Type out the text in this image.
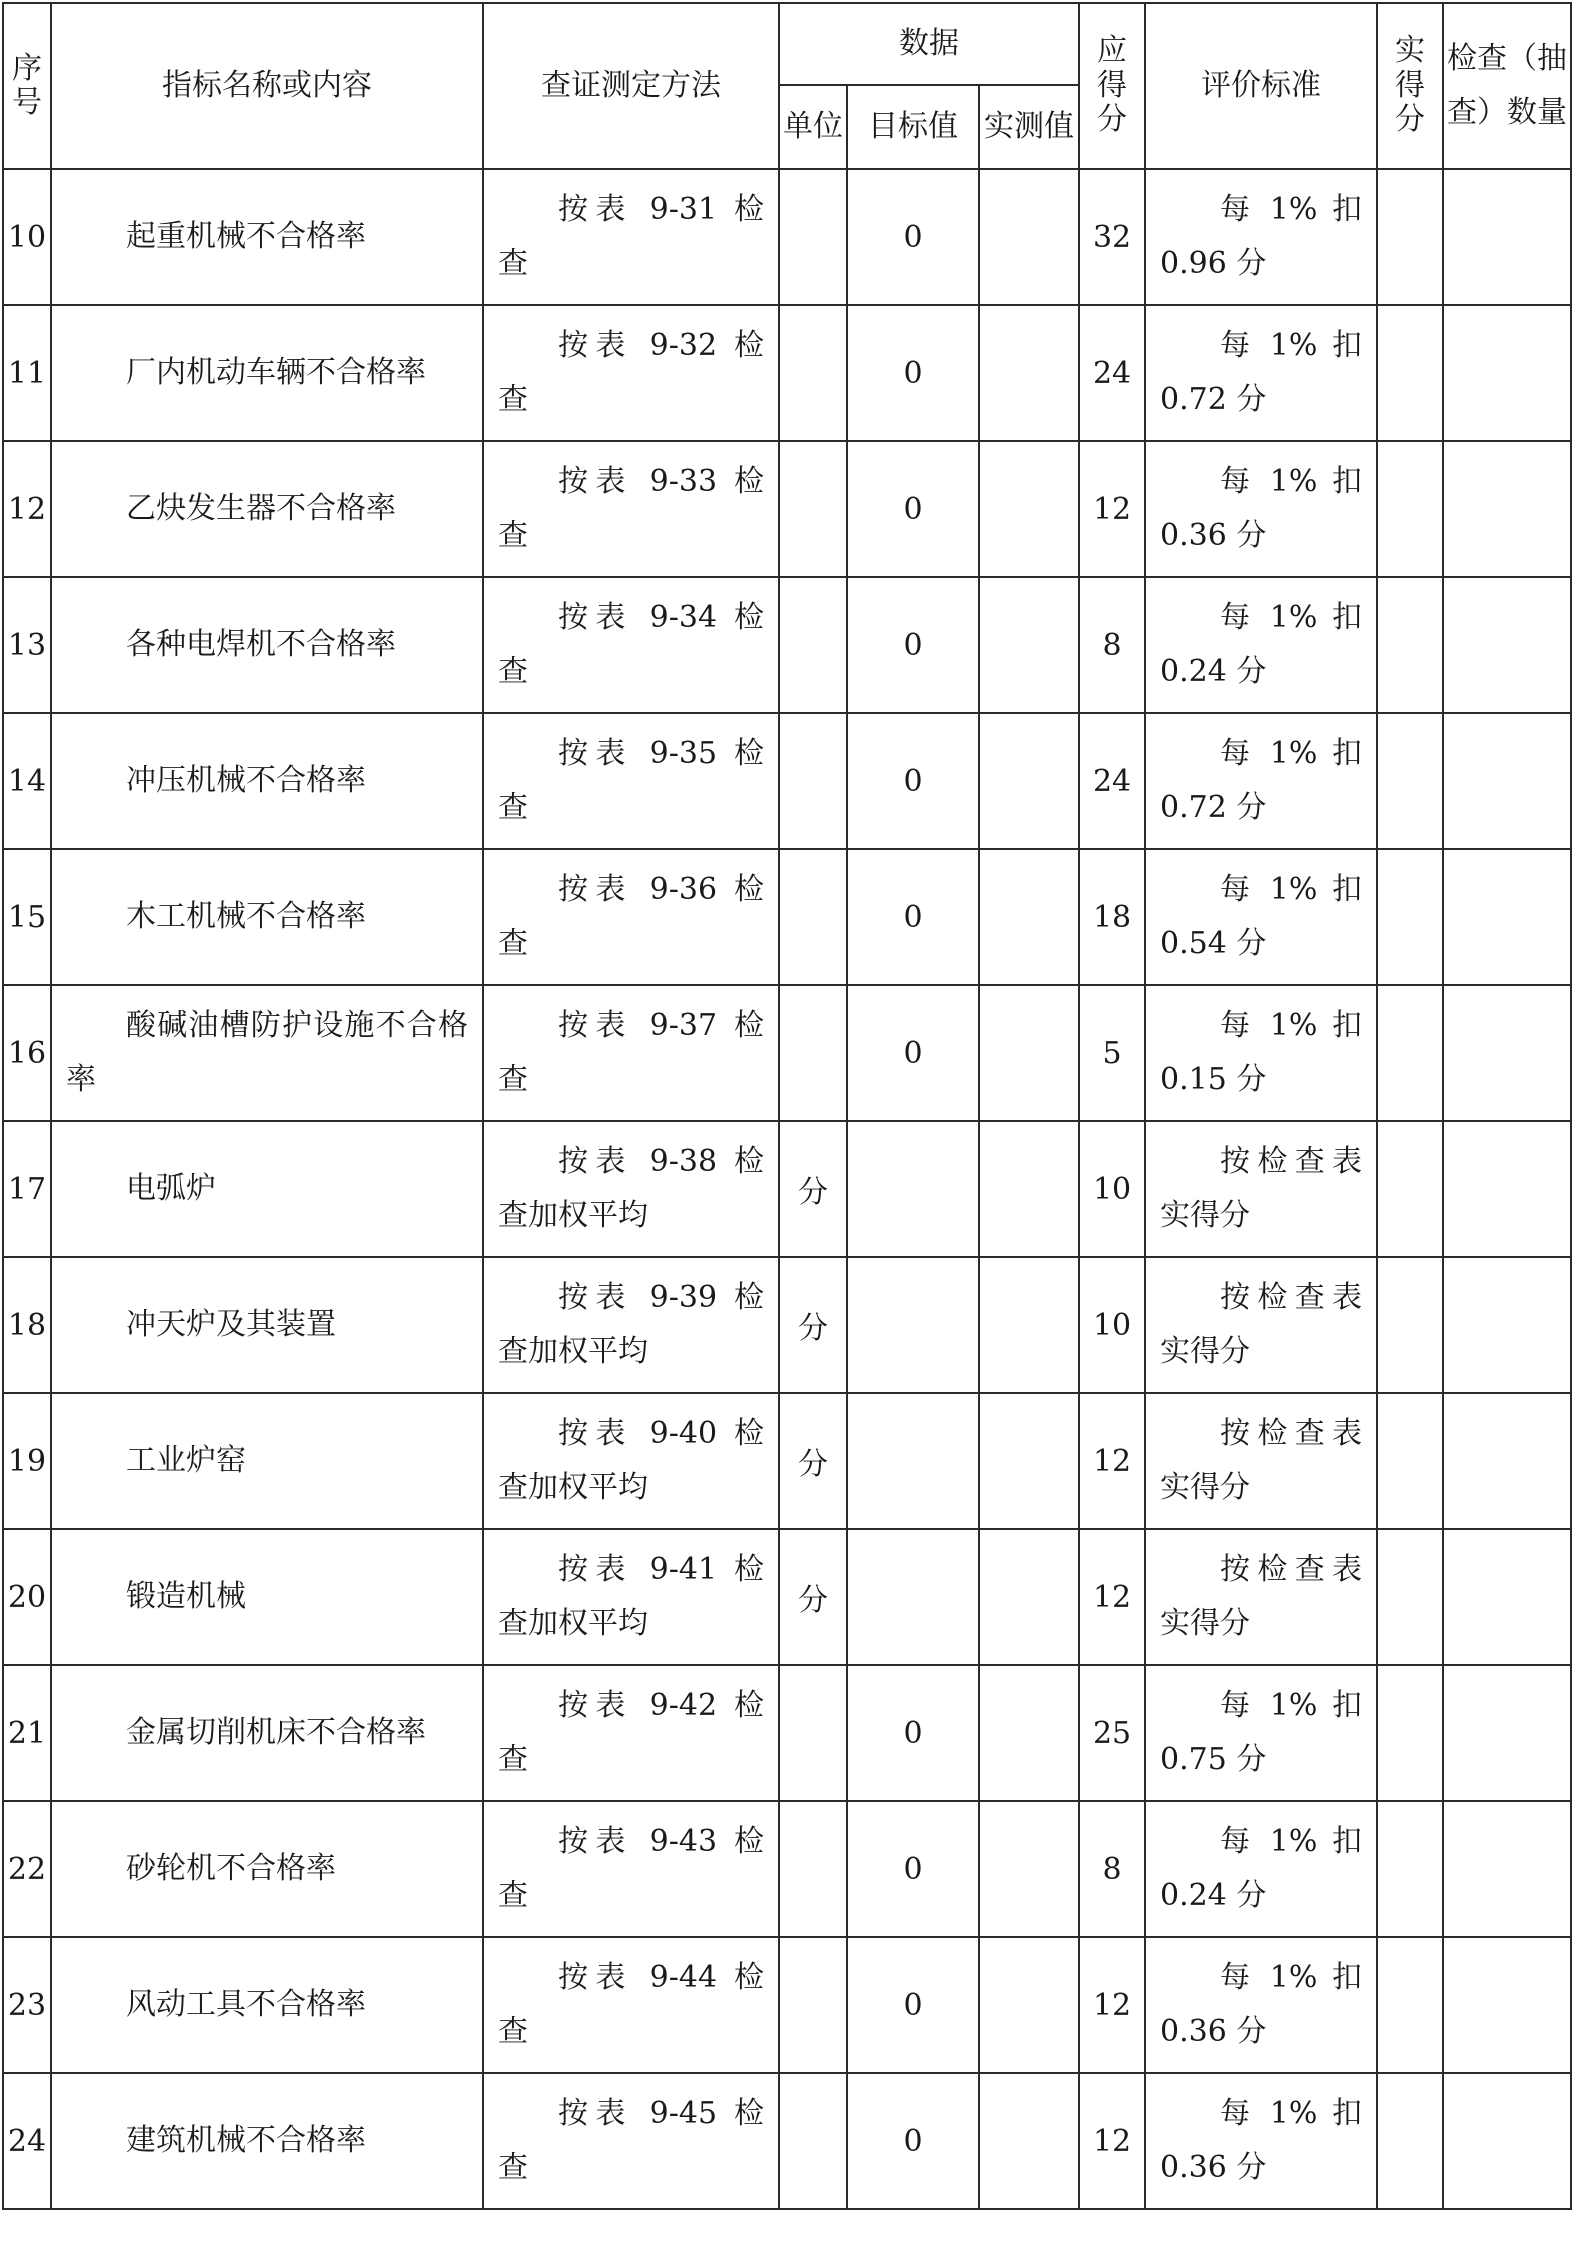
序号	指标名称或内容	查证测定方法	数据			应得分	评价标准	实得分	检查（抽查）数量
			单位	目标值	实测值				
10	起重机械不合格率	按表 9-31 检查		0		32	每 1% 扣 0.96 分		

11	厂内机动车辆不合格率	按表 9-32 检查		0		24	每 1% 扣 0.72 分		

12	乙炔发生器不合格率	按表 9-33 检查		0		12	每 1% 扣 0.36 分		

13	各种电焊机不合格率	按表 9-34 检查		0		8	每 1% 扣 0.24 分		

14	冲压机械不合格率	按表 9-35 检查		0		24	每 1% 扣 0.72 分		

15	木工机械不合格率	按表 9-36 检查		0		18	每 1% 扣 0.54 分		

16	酸碱油槽防护设施不合格率	按表 9-37 检查		0		5	每 1% 扣 0.15 分		

17	电弧炉	按表 9-38 检查加权平均	分			10	按检查表实得分		

18	冲天炉及其装置	按表 9-39 检查加权平均	分			10	按检查表实得分		

19	工业炉窑	按表 9-40 检查加权平均	分			12	按检查表实得分		

20	锻造机械	按表 9-41 检查加权平均	分			12	按检查表实得分		

21	金属切削机床不合格率	按表 9-42 检查		0		25	每 1% 扣 0.75 分		

22	砂轮机不合格率	按表 9-43 检查		0		8	每 1% 扣 0.24 分		

23	风动工具不合格率	按表 9-44 检查		0		12	每 1% 扣 0.36 分		

24	建筑机械不合格率	按表 9-45 检查		0		12	每 1% 扣 0.36 分		
